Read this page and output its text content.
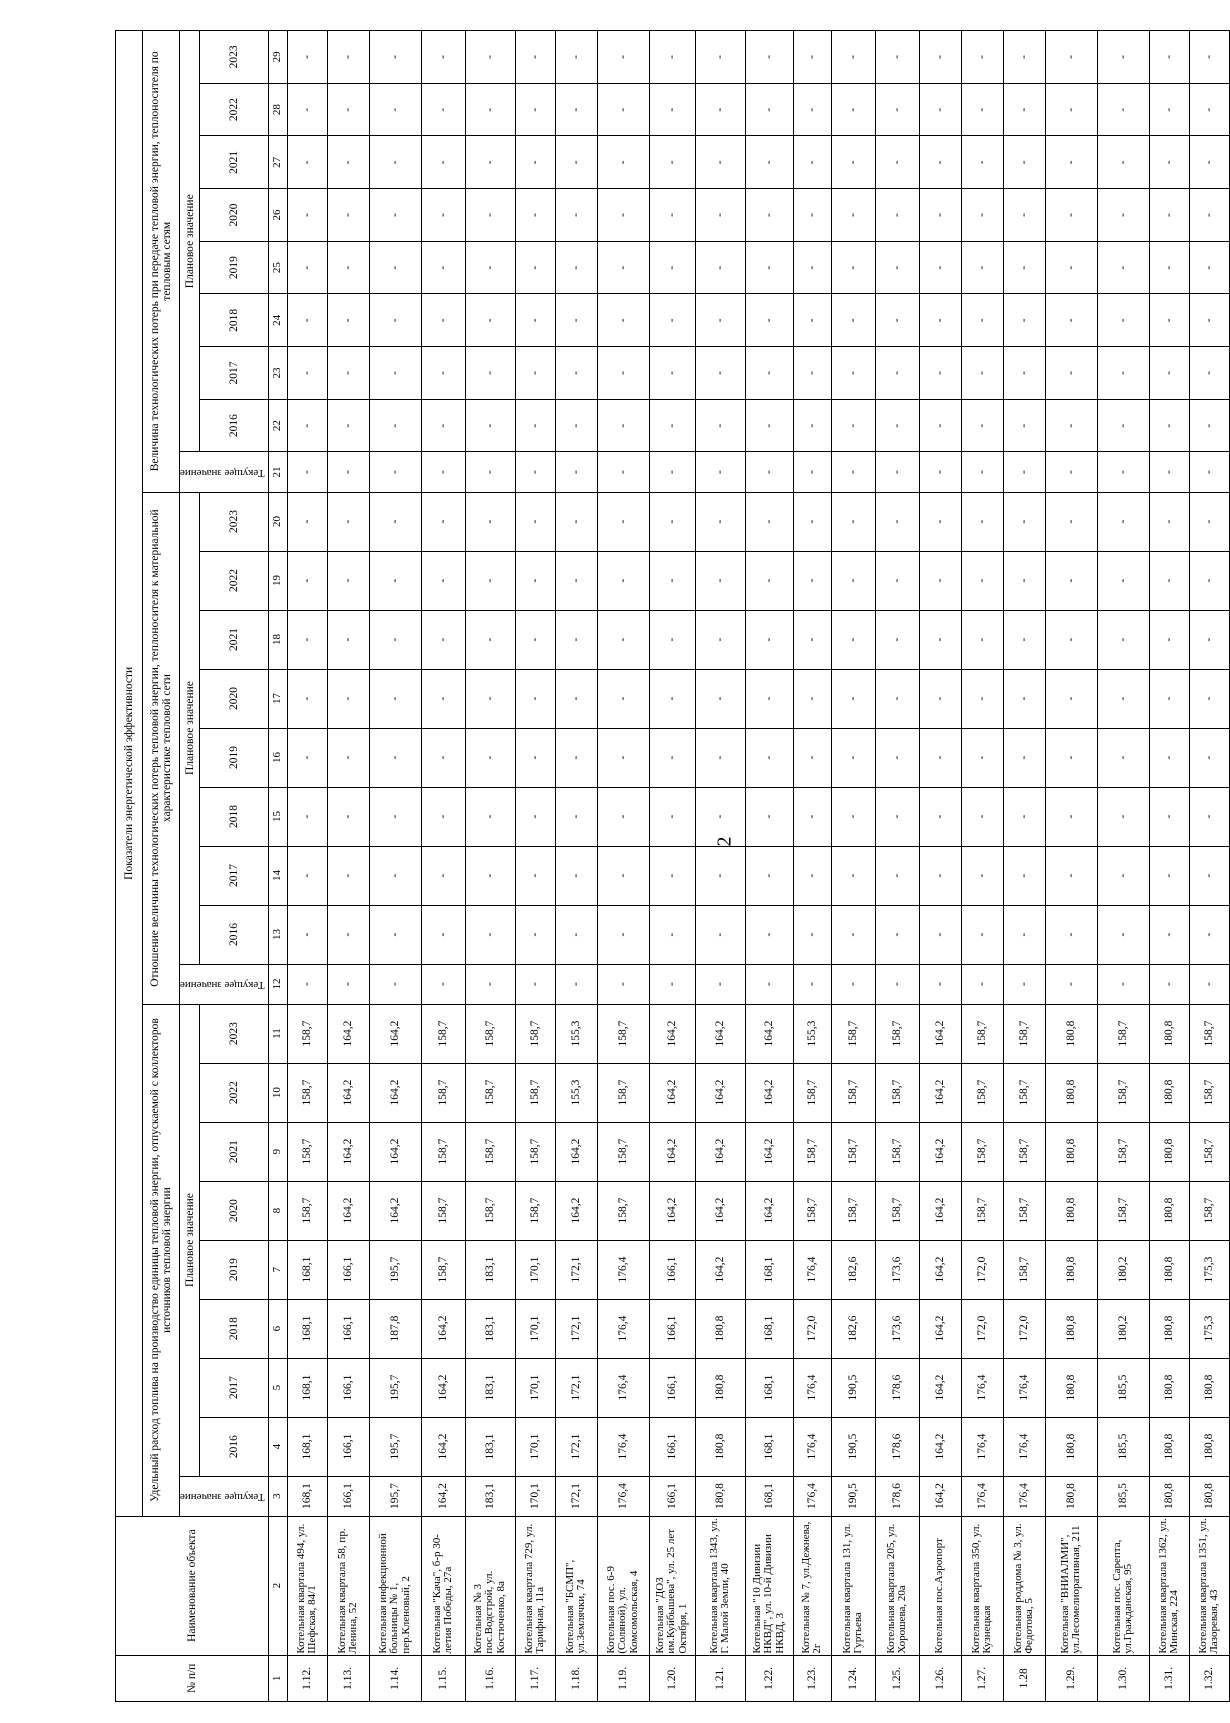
2
№ п/п	Наименование объекта	Показатели энергетической эффективности																										
		Удельный расход топлива на производство единицы тепловой энергии, отпускаемой с коллекторов источников тепловой энергии									Отношение величины технологических потерь тепловой энергии, теплоносителя к материальной характеристике тепловой сети									Величина технологических потерь при передаче тепловой энергии, теплоносителя по тепловым сетям								
		Текущее значение	Плановое значение								Текущее значение	Плановое значение								Текущее значение	Плановое значение							
			2016	2017	2018	2019	2020	2021	2022	2023		2016	2017	2018	2019	2020	2021	2022	2023		2016	2017	2018	2019	2020	2021	2022	2023
1	2	3	4	5	6	7	8	9	10	11	12	13	14	15	16	17	18	19	20	21	22	23	24	25	26	27	28	29
1.12.	Котельная квартала 494, ул. Шефская, 84/1	168,1	168,1	168,1	168,1	168,1	158,7	158,7	158,7	158,7	-	-	-	-	-	-	-	-	-	-	-	-	-	-	-	-	-	-
1.13.	Котельная квартала 58, пр. Ленина, 52	166,1	166,1	166,1	166,1	166,1	164,2	164,2	164,2	164,2	-	-	-	-	-	-	-	-	-	-	-	-	-	-	-	-	-	-
1.14.	Котельная инфекционной больницы № 1, пер.Кленовый, 2	195,7	195,7	195,7	187,8	195,7	164,2	164,2	164,2	164,2	-	-	-	-	-	-	-	-	-	-	-	-	-	-	-	-	-	-
1.15.	Котельная "Кача", б-р 30-летия Победы, 27а	164,2	164,2	164,2	164,2	158,7	158,7	158,7	158,7	158,7	-	-	-	-	-	-	-	-	-	-	-	-	-	-	-	-	-	-
1.16.	Котельная № 3 пос.Водстрой, ул. Костюченко, 8а	183,1	183,1	183,1	183,1	183,1	158,7	158,7	158,7	158,7	-	-	-	-	-	-	-	-	-	-	-	-	-	-	-	-	-	-
1.17.	Котельная квартала 729, ул. Тарифная, 11а	170,1	170,1	170,1	170,1	170,1	158,7	158,7	158,7	158,7	-	-	-	-	-	-	-	-	-	-	-	-	-	-	-	-	-	-
1.18.	Котельная "БСМП", ул.Землячки, 74	172,1	172,1	172,1	172,1	172,1	164,2	164,2	155,3	155,3	-	-	-	-	-	-	-	-	-	-	-	-	-	-	-	-	-	-
1.19.	Котельная пос. 6-9 (Соляной), ул. Комсомольская, 4	176,4	176,4	176,4	176,4	176,4	158,7	158,7	158,7	158,7	-	-	-	-	-	-	-	-	-	-	-	-	-	-	-	-	-	-
1.20.	Котельная "ДОЗ им.Куйбышева", ул. 25 лет Октября, 1	166,1	166,1	166,1	166,1	166,1	164,2	164,2	164,2	164,2	-	-	-	-	-	-	-	-	-	-	-	-	-	-	-	-	-	-
1.21.	Котельная квартала 1343, ул. Г. Малой Земли, 40	180,8	180,8	180,8	180,8	164,2	164,2	164,2	164,2	164,2	-	-	-	-	-	-	-	-	-	-	-	-	-	-	-	-	-	-
1.22.	Котельная "10 Дивизии НКВД", ул. 10-й Дивизии НКВД, 3	168,1	168,1	168,1	168,1	168,1	164,2	164,2	164,2	164,2	-	-	-	-	-	-	-	-	-	-	-	-	-	-	-	-	-	-
1.23.	Котельная № 7, ул.Дежнева, 2г	176,4	176,4	176,4	172,0	176,4	158,7	158,7	158,7	155,3	-	-	-	-	-	-	-	-	-	-	-	-	-	-	-	-	-	-
1.24.	Котельная квартала 131, ул. Гуртьева	190,5	190,5	190,5	182,6	182,6	158,7	158,7	158,7	158,7	-	-	-	-	-	-	-	-	-	-	-	-	-	-	-	-	-	-
1.25.	Котельная квартала 205, ул. Хорошева, 20а	178,6	178,6	178,6	173,6	173,6	158,7	158,7	158,7	158,7	-	-	-	-	-	-	-	-	-	-	-	-	-	-	-	-	-	-
1.26.	Котельная пос.Аэропорт	164,2	164,2	164,2	164,2	164,2	164,2	164,2	164,2	164,2	-	-	-	-	-	-	-	-	-	-	-	-	-	-	-	-	-	-
1.27.	Котельная квартала 350, ул. Кузнецкая	176,4	176,4	176,4	172,0	172,0	158,7	158,7	158,7	158,7	-	-	-	-	-	-	-	-	-	-	-	-	-	-	-	-	-	-
1.28	Котельная роддома № 3, ул. Федотова, 5	176,4	176,4	176,4	172,0	158,7	158,7	158,7	158,7	158,7	-	-	-	-	-	-	-	-	-	-	-	-	-	-	-	-	-	-
1.29.	Котельная "ВНИАЛМИ", ул.Лесомелиоративная, 211	180,8	180,8	180,8	180,8	180,8	180,8	180,8	180,8	180,8	-	-	-	-	-	-	-	-	-	-	-	-	-	-	-	-	-	-
1.30.	Котельная пос. Сарепта, ул.Гражданская, 95	185,5	185,5	185,5	180,2	180,2	158,7	158,7	158,7	158,7	-	-	-	-	-	-	-	-	-	-	-	-	-	-	-	-	-	-
1.31.	Котельная квартала 1362, ул. Минская, 224	180,8	180,8	180,8	180,8	180,8	180,8	180,8	180,8	180,8	-	-	-	-	-	-	-	-	-	-	-	-	-	-	-	-	-	-
1.32.	Котельная квартала 1351, ул. Лазоревая, 43	180,8	180,8	180,8	175,3	175,3	158,7	158,7	158,7	158,7	-	-	-	-	-	-	-	-	-	-	-	-	-	-	-	-	-	-
